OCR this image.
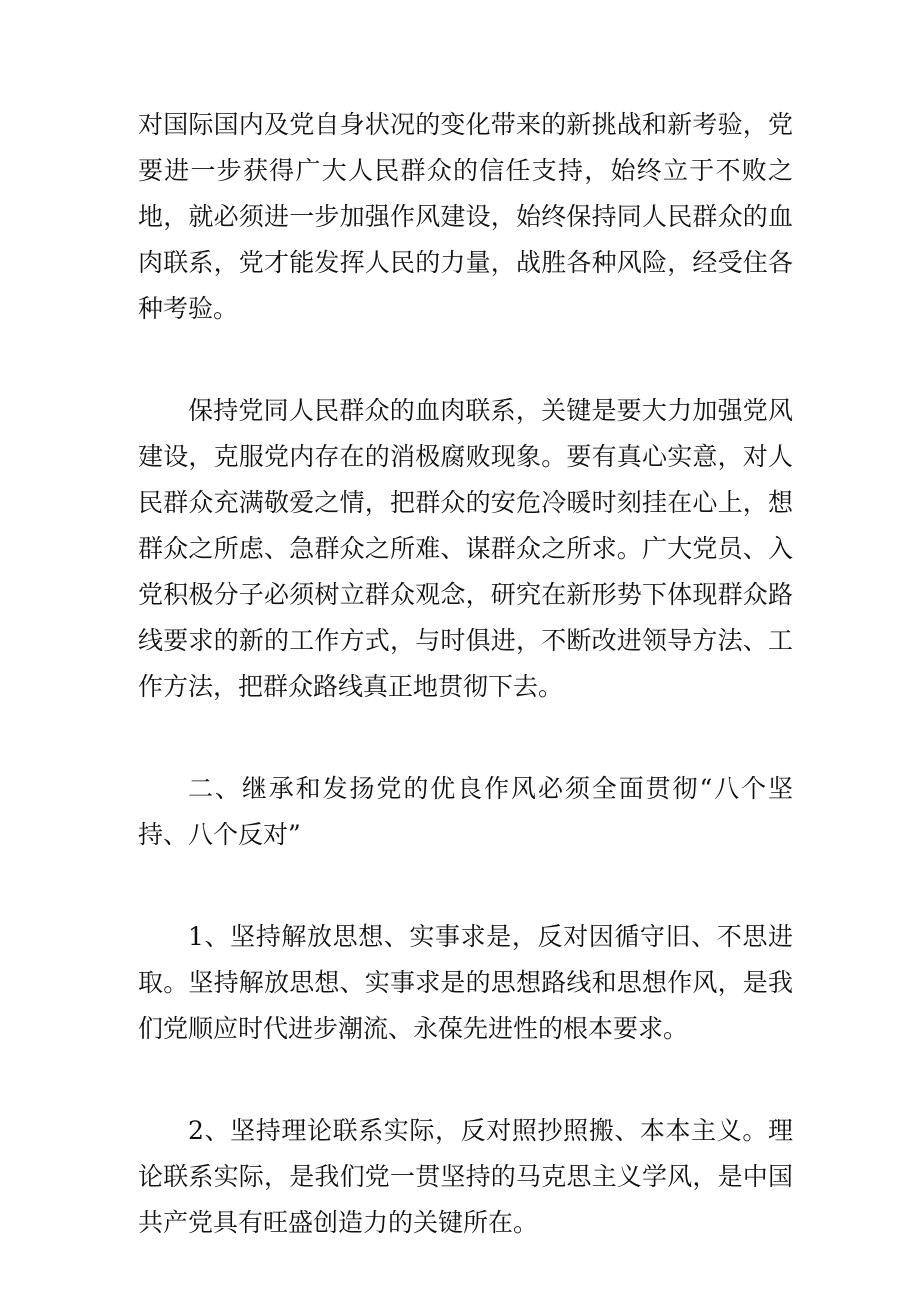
对国际国内及党自身状况的变化带来的新挑战和新考验，党要进一步获得广大人民群众的信任支持，始终立于不败之地，就必须进一步加强作风建设，始终保持同人民群众的血肉联系，党才能发挥人民的力量，战胜各种风险，经受住各种考验。

保持党同人民群众的血肉联系，关键是要大力加强党风建设，克服党内存在的消极腐败现象。要有真心实意，对人民群众充满敬爱之情，把群众的安危冷暖时刻挂在心上，想群众之所虑、急群众之所难、谋群众之所求。广大党员、入党积极分子必须树立群众观念，研究在新形势下体现群众路线要求的新的工作方式，与时俱进，不断改进领导方法、工作方法，把群众路线真正地贯彻下去。

二、继承和发扬党的优良作风必须全面贯彻“八个坚持、八个反对”

1、坚持解放思想、实事求是，反对因循守旧、不思进取。坚持解放思想、实事求是的思想路线和思想作风，是我们党顺应时代进步潮流、永葆先进性的根本要求。

2、坚持理论联系实际，反对照抄照搬、本本主义。理论联系实际，是我们党一贯坚持的马克思主义学风，是中国共产党具有旺盛创造力的关键所在。
